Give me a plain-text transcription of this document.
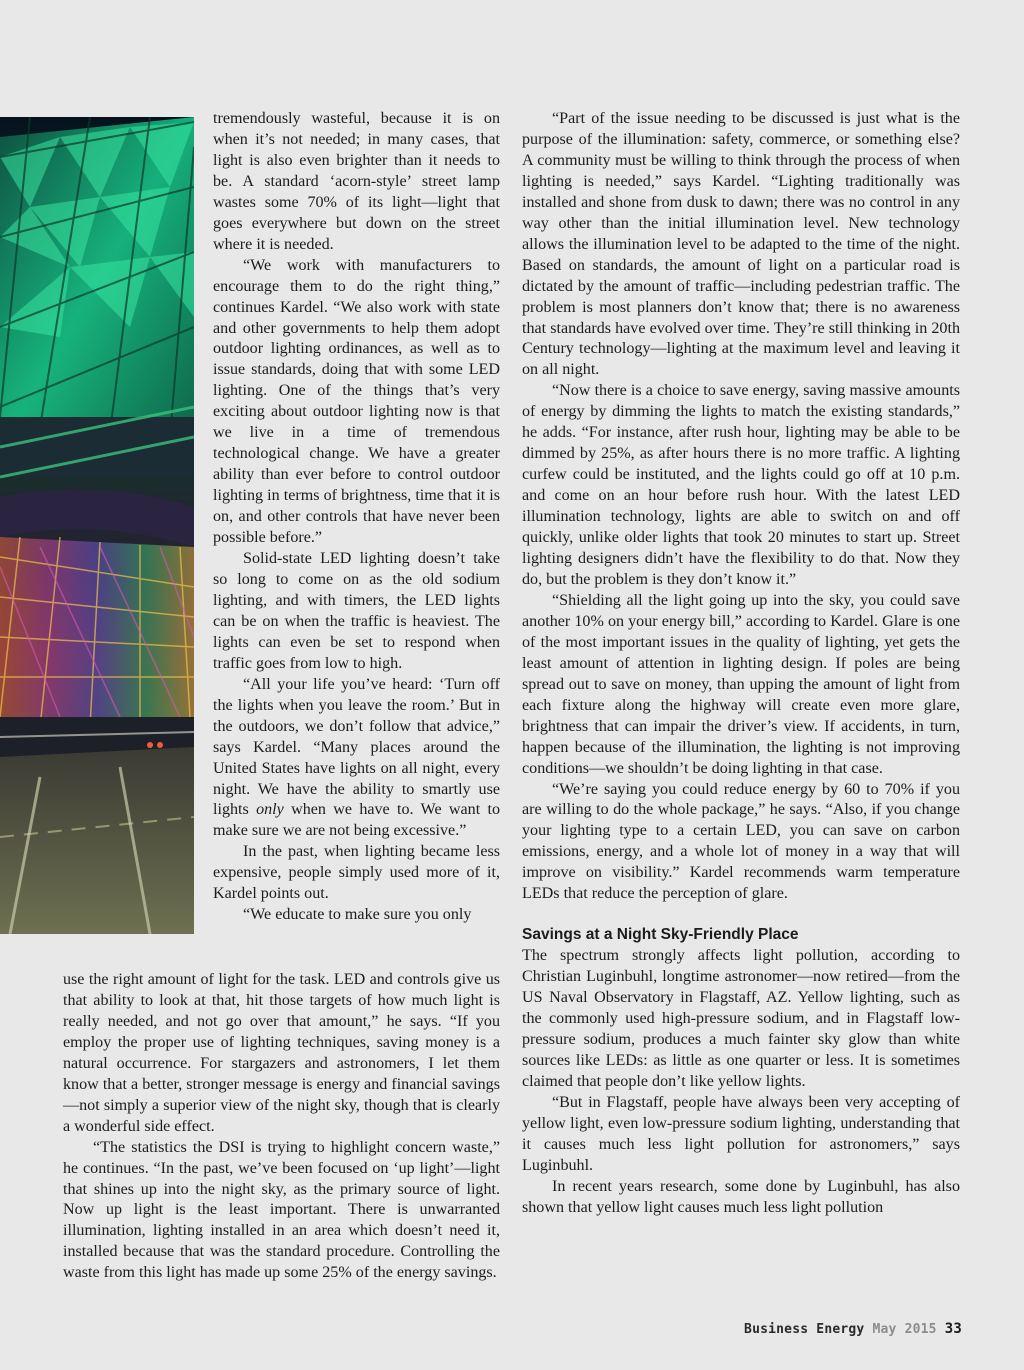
tremendously wasteful, because it is on when it’s not needed; in many cases, that light is also even brighter than it needs to be. A standard ‘acorn-style’ street lamp wastes some 70% of its light—light that goes everywhere but down on the street where it is needed.

“We work with manufacturers to encourage them to do the right thing,” continues Kardel. “We also work with state and other governments to help them adopt outdoor lighting ordinances, as well as to issue standards, doing that with some LED lighting. One of the things that’s very exciting about outdoor lighting now is that we live in a time of tremendous technological change. We have a greater ability than ever before to control outdoor lighting in terms of brightness, time that it is on, and other controls that have never been possible before.”

Solid-state LED lighting doesn’t take so long to come on as the old sodium lighting, and with timers, the LED lights can be on when the traffic is heaviest. The lights can even be set to respond when traffic goes from low to high.

“All your life you’ve heard: ‘Turn off the lights when you leave the room.’ But in the outdoors, we don’t follow that advice,” says Kardel. “Many places around the United States have lights on all night, every night. We have the ability to smartly use lights only when we have to. We want to make sure we are not being excessive.”

In the past, when lighting became less expensive, people simply used more of it, Kardel points out.

“We educate to make sure you only

use the right amount of light for the task. LED and controls give us that ability to look at that, hit those targets of how much light is really needed, and not go over that amount,” he says. “If you employ the proper use of lighting techniques, saving money is a natural occurrence. For stargazers and astronomers, I let them know that a better, stronger message is energy and financial savings—not simply a superior view of the night sky, though that is clearly a wonderful side effect.

“The statistics the DSI is trying to highlight concern waste,” he continues. “In the past, we’ve been focused on ‘up light’—light that shines up into the night sky, as the primary source of light. Now up light is the least important. There is unwarranted illumination, lighting installed in an area which doesn’t need it, installed because that was the standard procedure. Controlling the waste from this light has made up some 25% of the energy savings.

“Part of the issue needing to be discussed is just what is the purpose of the illumination: safety, commerce, or something else? A community must be willing to think through the process of when lighting is needed,” says Kardel. “Lighting traditionally was installed and shone from dusk to dawn; there was no control in any way other than the initial illumination level. New technology allows the illumination level to be adapted to the time of the night. Based on standards, the amount of light on a particular road is dictated by the amount of traffic—including pedestrian traffic. The problem is most planners don’t know that; there is no awareness that standards have evolved over time. They’re still thinking in 20th Century technology—lighting at the maximum level and leaving it on all night.

“Now there is a choice to save energy, saving massive amounts of energy by dimming the lights to match the existing standards,” he adds. “For instance, after rush hour, lighting may be able to be dimmed by 25%, as after hours there is no more traffic. A lighting curfew could be instituted, and the lights could go off at 10 p.m. and come on an hour before rush hour. With the latest LED illumination technology, lights are able to switch on and off quickly, unlike older lights that took 20 minutes to start up. Street lighting designers didn’t have the flexibility to do that. Now they do, but the problem is they don’t know it.”

“Shielding all the light going up into the sky, you could save another 10% on your energy bill,” according to Kardel. Glare is one of the most important issues in the quality of lighting, yet gets the least amount of attention in lighting design. If poles are being spread out to save on money, than upping the amount of light from each fixture along the highway will create even more glare, brightness that can impair the driver’s view. If accidents, in turn, happen because of the illumination, the lighting is not improving conditions—we shouldn’t be doing lighting in that case.

“We’re saying you could reduce energy by 60 to 70% if you are willing to do the whole package,” he says. “Also, if you change your lighting type to a certain LED, you can save on carbon emissions, energy, and a whole lot of money in a way that will improve on visibility.” Kardel recommends warm temperature LEDs that reduce the perception of glare.

Savings at a Night Sky-Friendly Place

The spectrum strongly affects light pollution, according to Christian Luginbuhl, longtime astronomer—now retired—from the US Naval Observatory in Flagstaff, AZ. Yellow lighting, such as the commonly used high-pressure sodium, and in Flagstaff low-pressure sodium, produces a much fainter sky glow than white sources like LEDs: as little as one quarter or less. It is sometimes claimed that people don’t like yellow lights.

“But in Flagstaff, people have always been very accepting of yellow light, even low-pressure sodium lighting, understanding that it causes much less light pollution for astronomers,” says Luginbuhl.

In recent years research, some done by Luginbuhl, has also shown that yellow light causes much less light pollution

Business Energy May 2015 33
